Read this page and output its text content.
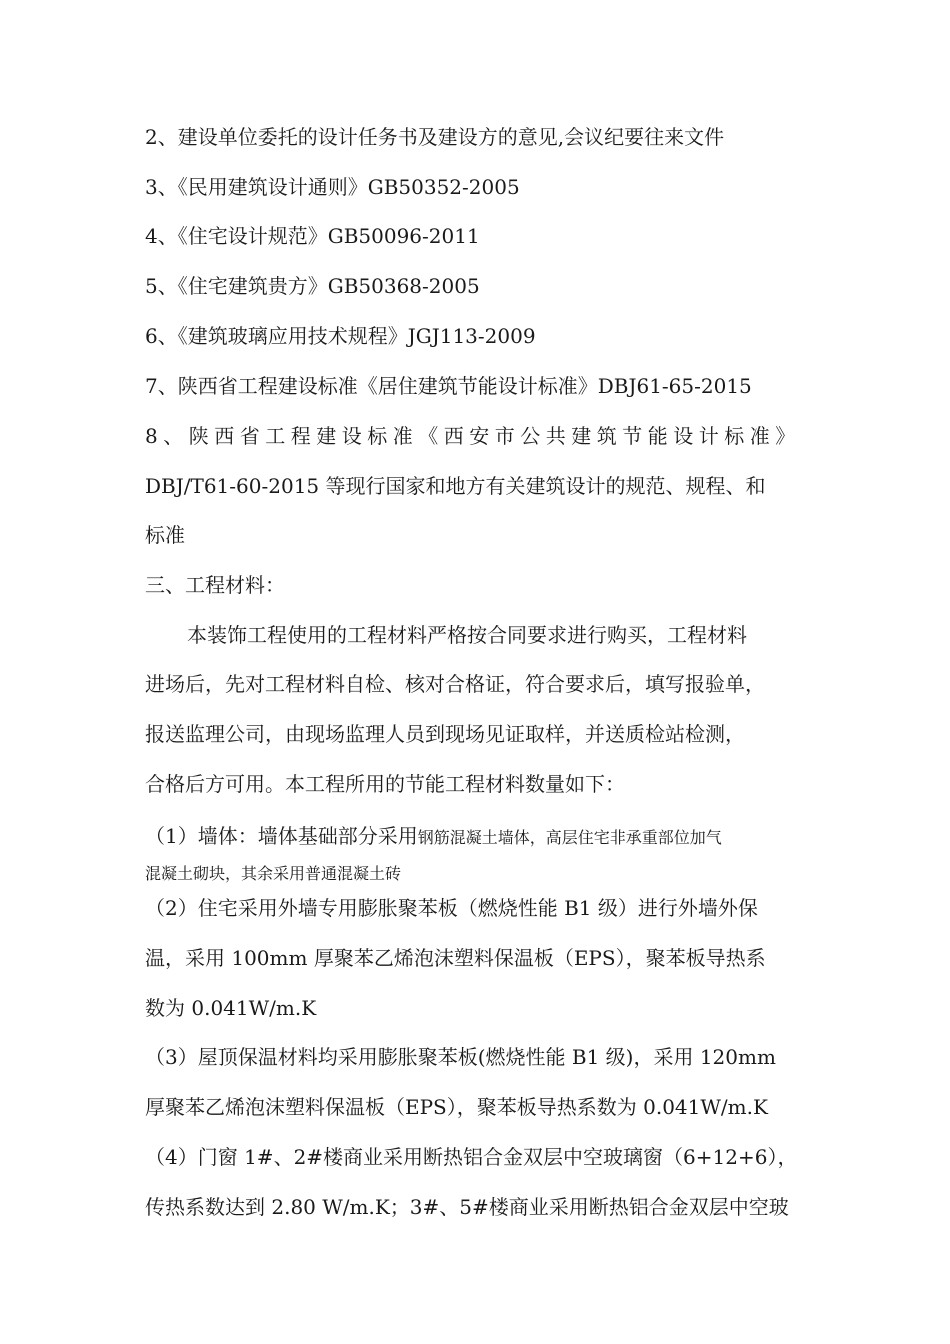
2、建设单位委托的设计任务书及建设方的意见,会议纪要往来文件
3、《民用建筑设计通则》GB50352-2005
4、《住宅设计规范》GB50096-2011
5、《住宅建筑贵方》GB50368-2005
6、《建筑玻璃应用技术规程》JGJ113-2009
7、陕西省工程建设标准《居住建筑节能设计标准》DBJ61-65-2015
8、陕西省工程建设标准《西安市公共建筑节能设计标准》
DBJ/T61-60-2015 等现行国家和地方有关建筑设计的规范、规程、和
标准
三、工程材料：
本装饰工程使用的工程材料严格按合同要求进行购买，工程材料
进场后，先对工程材料自检、核对合格证，符合要求后，填写报验单，
报送监理公司，由现场监理人员到现场见证取样，并送质检站检测，
合格后方可用。本工程所用的节能工程材料数量如下：
（1）墙体：墙体基础部分采用钢筋混凝土墙体，高层住宅非承重部位加气
混凝土砌块，其余采用普通混凝土砖
（2）住宅采用外墙专用膨胀聚苯板（燃烧性能 B1 级）进行外墙外保
温，采用 100mm 厚聚苯乙烯泡沫塑料保温板（EPS），聚苯板导热系
数为 0.041W/m.K
（3）屋顶保温材料均采用膨胀聚苯板(燃烧性能 B1 级)，采用 120mm
厚聚苯乙烯泡沫塑料保温板（EPS），聚苯板导热系数为 0.041W/m.K
（4）门窗 1#、2#楼商业采用断热铝合金双层中空玻璃窗（6+12+6），
传热系数达到 2.80 W/m.K；3#、5#楼商业采用断热铝合金双层中空玻
